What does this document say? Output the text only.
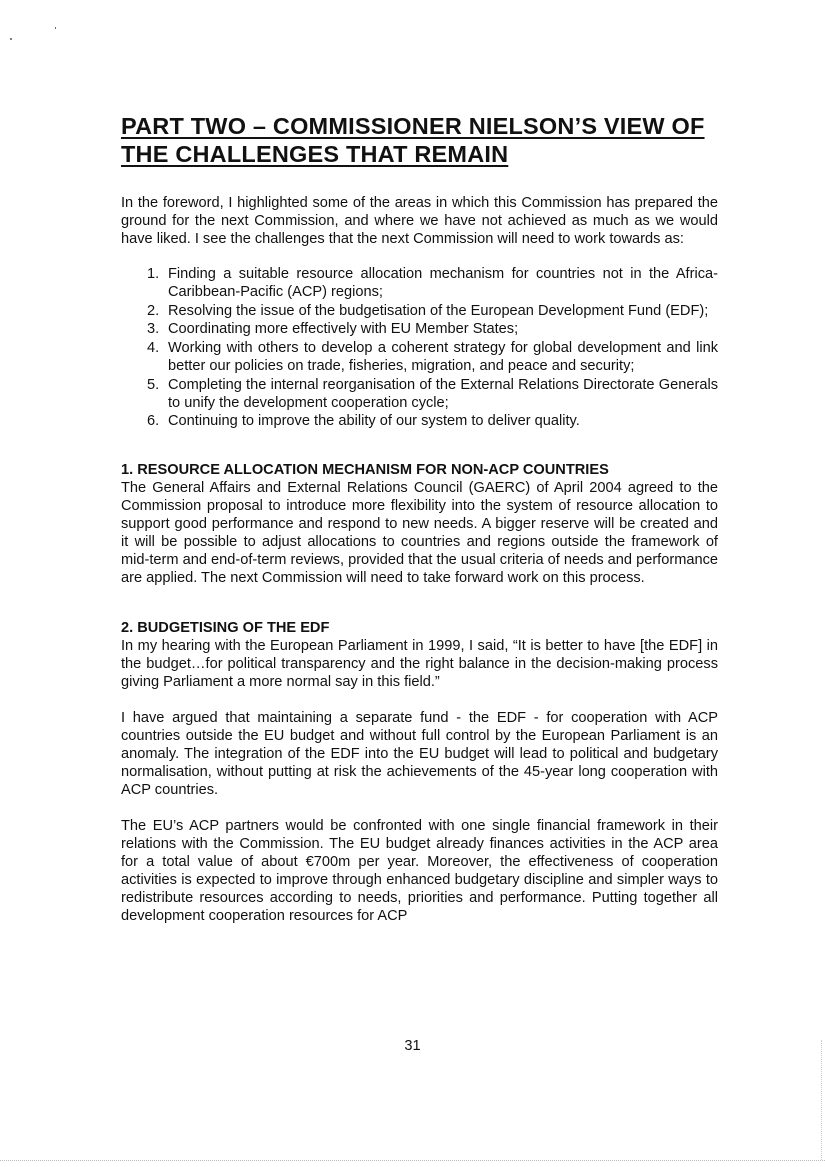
PART TWO – COMMISSIONER NIELSON’S VIEW OF THE CHALLENGES THAT REMAIN

In the foreword, I highlighted some of the areas in which this Commission has prepared the ground for the next Commission, and where we have not achieved as much as we would have liked. I see the challenges that the next Commission will need to work towards as:

1. Finding a suitable resource allocation mechanism for countries not in the Africa-Caribbean-Pacific (ACP) regions;
2. Resolving the issue of the budgetisation of the European Development Fund (EDF);
3. Coordinating more effectively with EU Member States;
4. Working with others to develop a coherent strategy for global development and link better our policies on trade, fisheries, migration, and peace and security;
5. Completing the internal reorganisation of the External Relations Directorate Generals to unify the development cooperation cycle;
6. Continuing to improve the ability of our system to deliver quality.
1. RESOURCE ALLOCATION MECHANISM FOR NON-ACP COUNTRIES

The General Affairs and External Relations Council (GAERC) of April 2004 agreed to the Commission proposal to introduce more flexibility into the system of resource allocation to support good performance and respond to new needs. A bigger reserve will be created and it will be possible to adjust allocations to countries and regions outside the framework of mid-term and end-of-term reviews, provided that the usual criteria of needs and performance are applied. The next Commission will need to take forward work on this process.

2. BUDGETISING OF THE EDF

In my hearing with the European Parliament in 1999, I said, “It is better to have [the EDF] in the budget…for political transparency and the right balance in the decision-making process giving Parliament a more normal say in this field.”

I have argued that maintaining a separate fund - the EDF - for cooperation with ACP countries outside the EU budget and without full control by the European Parliament is an anomaly. The integration of the EDF into the EU budget will lead to political and budgetary normalisation, without putting at risk the achievements of the 45-year long cooperation with ACP countries.

The EU’s ACP partners would be confronted with one single financial framework in their relations with the Commission. The EU budget already finances activities in the ACP area for a total value of about €700m per year. Moreover, the effectiveness of cooperation activities is expected to improve through enhanced budgetary discipline and simpler ways to redistribute resources according to needs, priorities and performance. Putting together all development cooperation resources for ACP

31
